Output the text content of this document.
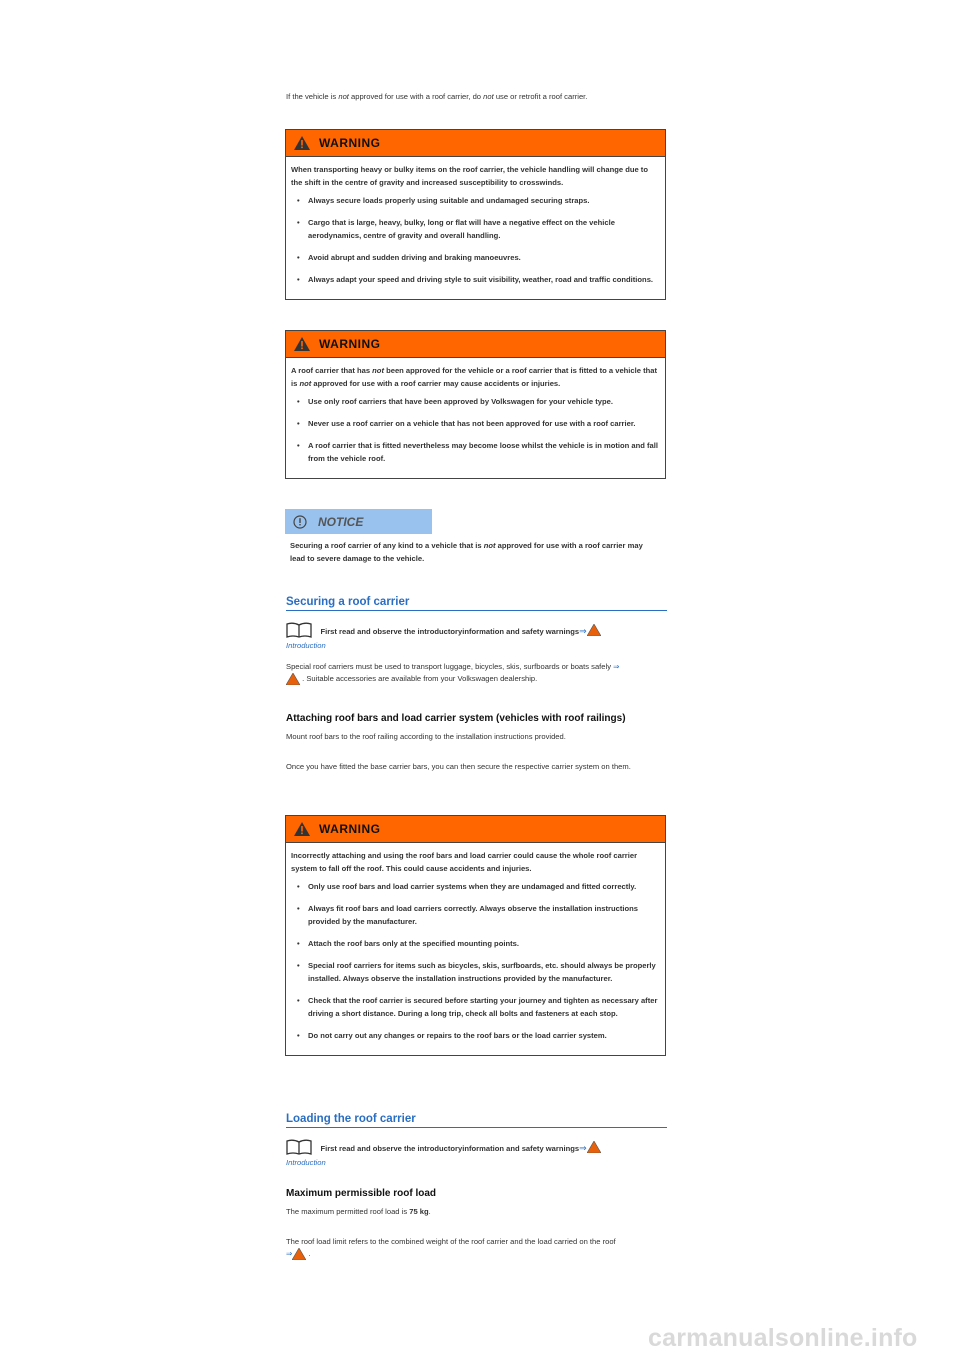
If the vehicle is not approved for use with a roof carrier, do not use or retrofit a roof carrier.
WARNING

When transporting heavy or bulky items on the roof carrier, the vehicle handling will change due to the shift in the centre of gravity and increased susceptibility to crosswinds.

• Always secure loads properly using suitable and undamaged securing straps.
• Cargo that is large, heavy, bulky, long or flat will have a negative effect on the vehicle aerodynamics, centre of gravity and overall handling.
• Avoid abrupt and sudden driving and braking manoeuvres.
• Always adapt your speed and driving style to suit visibility, weather, road and traffic conditions.
WARNING

A roof carrier that has not been approved for the vehicle or a roof carrier that is fitted to a vehicle that is not approved for use with a roof carrier may cause accidents or injuries.

• Use only roof carriers that have been approved by Volkswagen for your vehicle type.
• Never use a roof carrier on a vehicle that has not been approved for use with a roof carrier.
• A roof carrier that is fitted nevertheless may become loose whilst the vehicle is in motion and fall from the vehicle roof.
NOTICE
Securing a roof carrier of any kind to a vehicle that is not approved for use with a roof carrier may lead to severe damage to the vehicle.
Securing a roof carrier
First read and observe the introductoryinformation and safety warnings⇒
Introduction
Special roof carriers must be used to transport luggage, bicycles, skis, surfboards or boats safely ⇒
. Suitable accessories are available from your Volkswagen dealership.
Attaching roof bars and load carrier system (vehicles with roof railings)
Mount roof bars to the roof railing according to the installation instructions provided.
Once you have fitted the base carrier bars, you can then secure the respective carrier system on them.
WARNING

Incorrectly attaching and using the roof bars and load carrier could cause the whole roof carrier system to fall off the roof. This could cause accidents and injuries.

• Only use roof bars and load carrier systems when they are undamaged and fitted correctly.
• Always fit roof bars and load carriers correctly. Always observe the installation instructions provided by the manufacturer.
• Attach the roof bars only at the specified mounting points.
• Special roof carriers for items such as bicycles, skis, surfboards, etc. should always be properly installed. Always observe the installation instructions provided by the manufacturer.
• Check that the roof carrier is secured before starting your journey and tighten as necessary after driving a short distance. During a long trip, check all bolts and fasteners at each stop.
• Do not carry out any changes or repairs to the roof bars or the load carrier system.
Loading the roof carrier
First read and observe the introductoryinformation and safety warnings⇒
Introduction
Maximum permissible roof load
The maximum permitted roof load is 75 kg.
The roof load limit refers to the combined weight of the roof carrier and the load carried on the roof
⇒ .
carmanualsonline.info
